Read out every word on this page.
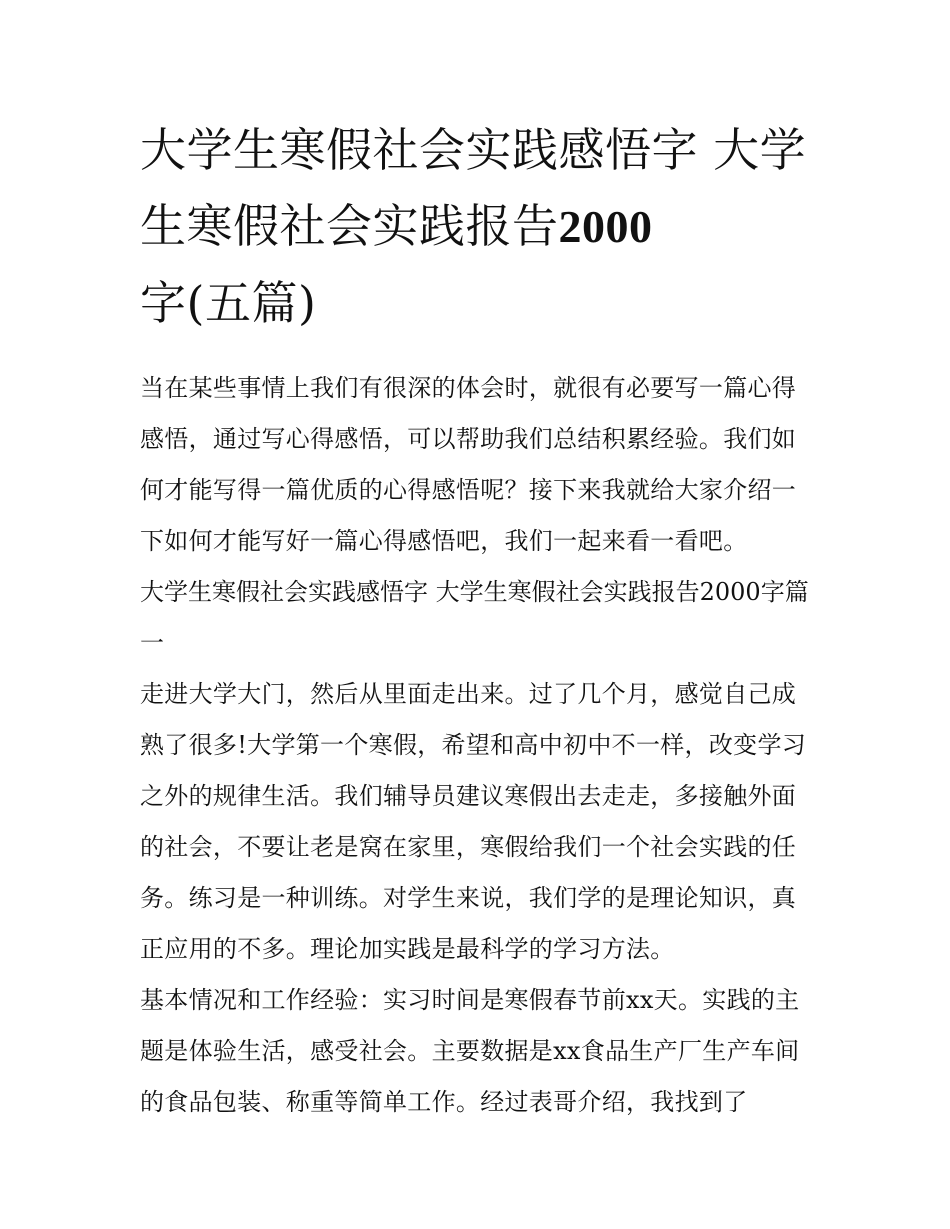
大学生寒假社会实践感悟字 大学生寒假社会实践报告2000
字(五篇)

当在某些事情上我们有很深的体会时，就很有必要写一篇心得感悟，通过写心得感悟，可以帮助我们总结积累经验。我们如何才能写得一篇优质的心得感悟呢？接下来我就给大家介绍一下如何才能写好一篇心得感悟吧，我们一起来看一看吧。

大学生寒假社会实践感悟字 大学生寒假社会实践报告2000字篇一

走进大学大门，然后从里面走出来。过了几个月，感觉自己成熟了很多!大学第一个寒假，希望和高中初中不一样，改变学习之外的规律生活。我们辅导员建议寒假出去走走，多接触外面的社会，不要让老是窝在家里，寒假给我们一个社会实践的任务。练习是一种训练。对学生来说，我们学的是理论知识，真正应用的不多。理论加实践是最科学的学习方法。

基本情况和工作经验：实习时间是寒假春节前xx天。实践的主题是体验生活，感受社会。主要数据是xx食品生产厂生产车间的食品包装、称重等简单工作。经过表哥介绍，我找到了
